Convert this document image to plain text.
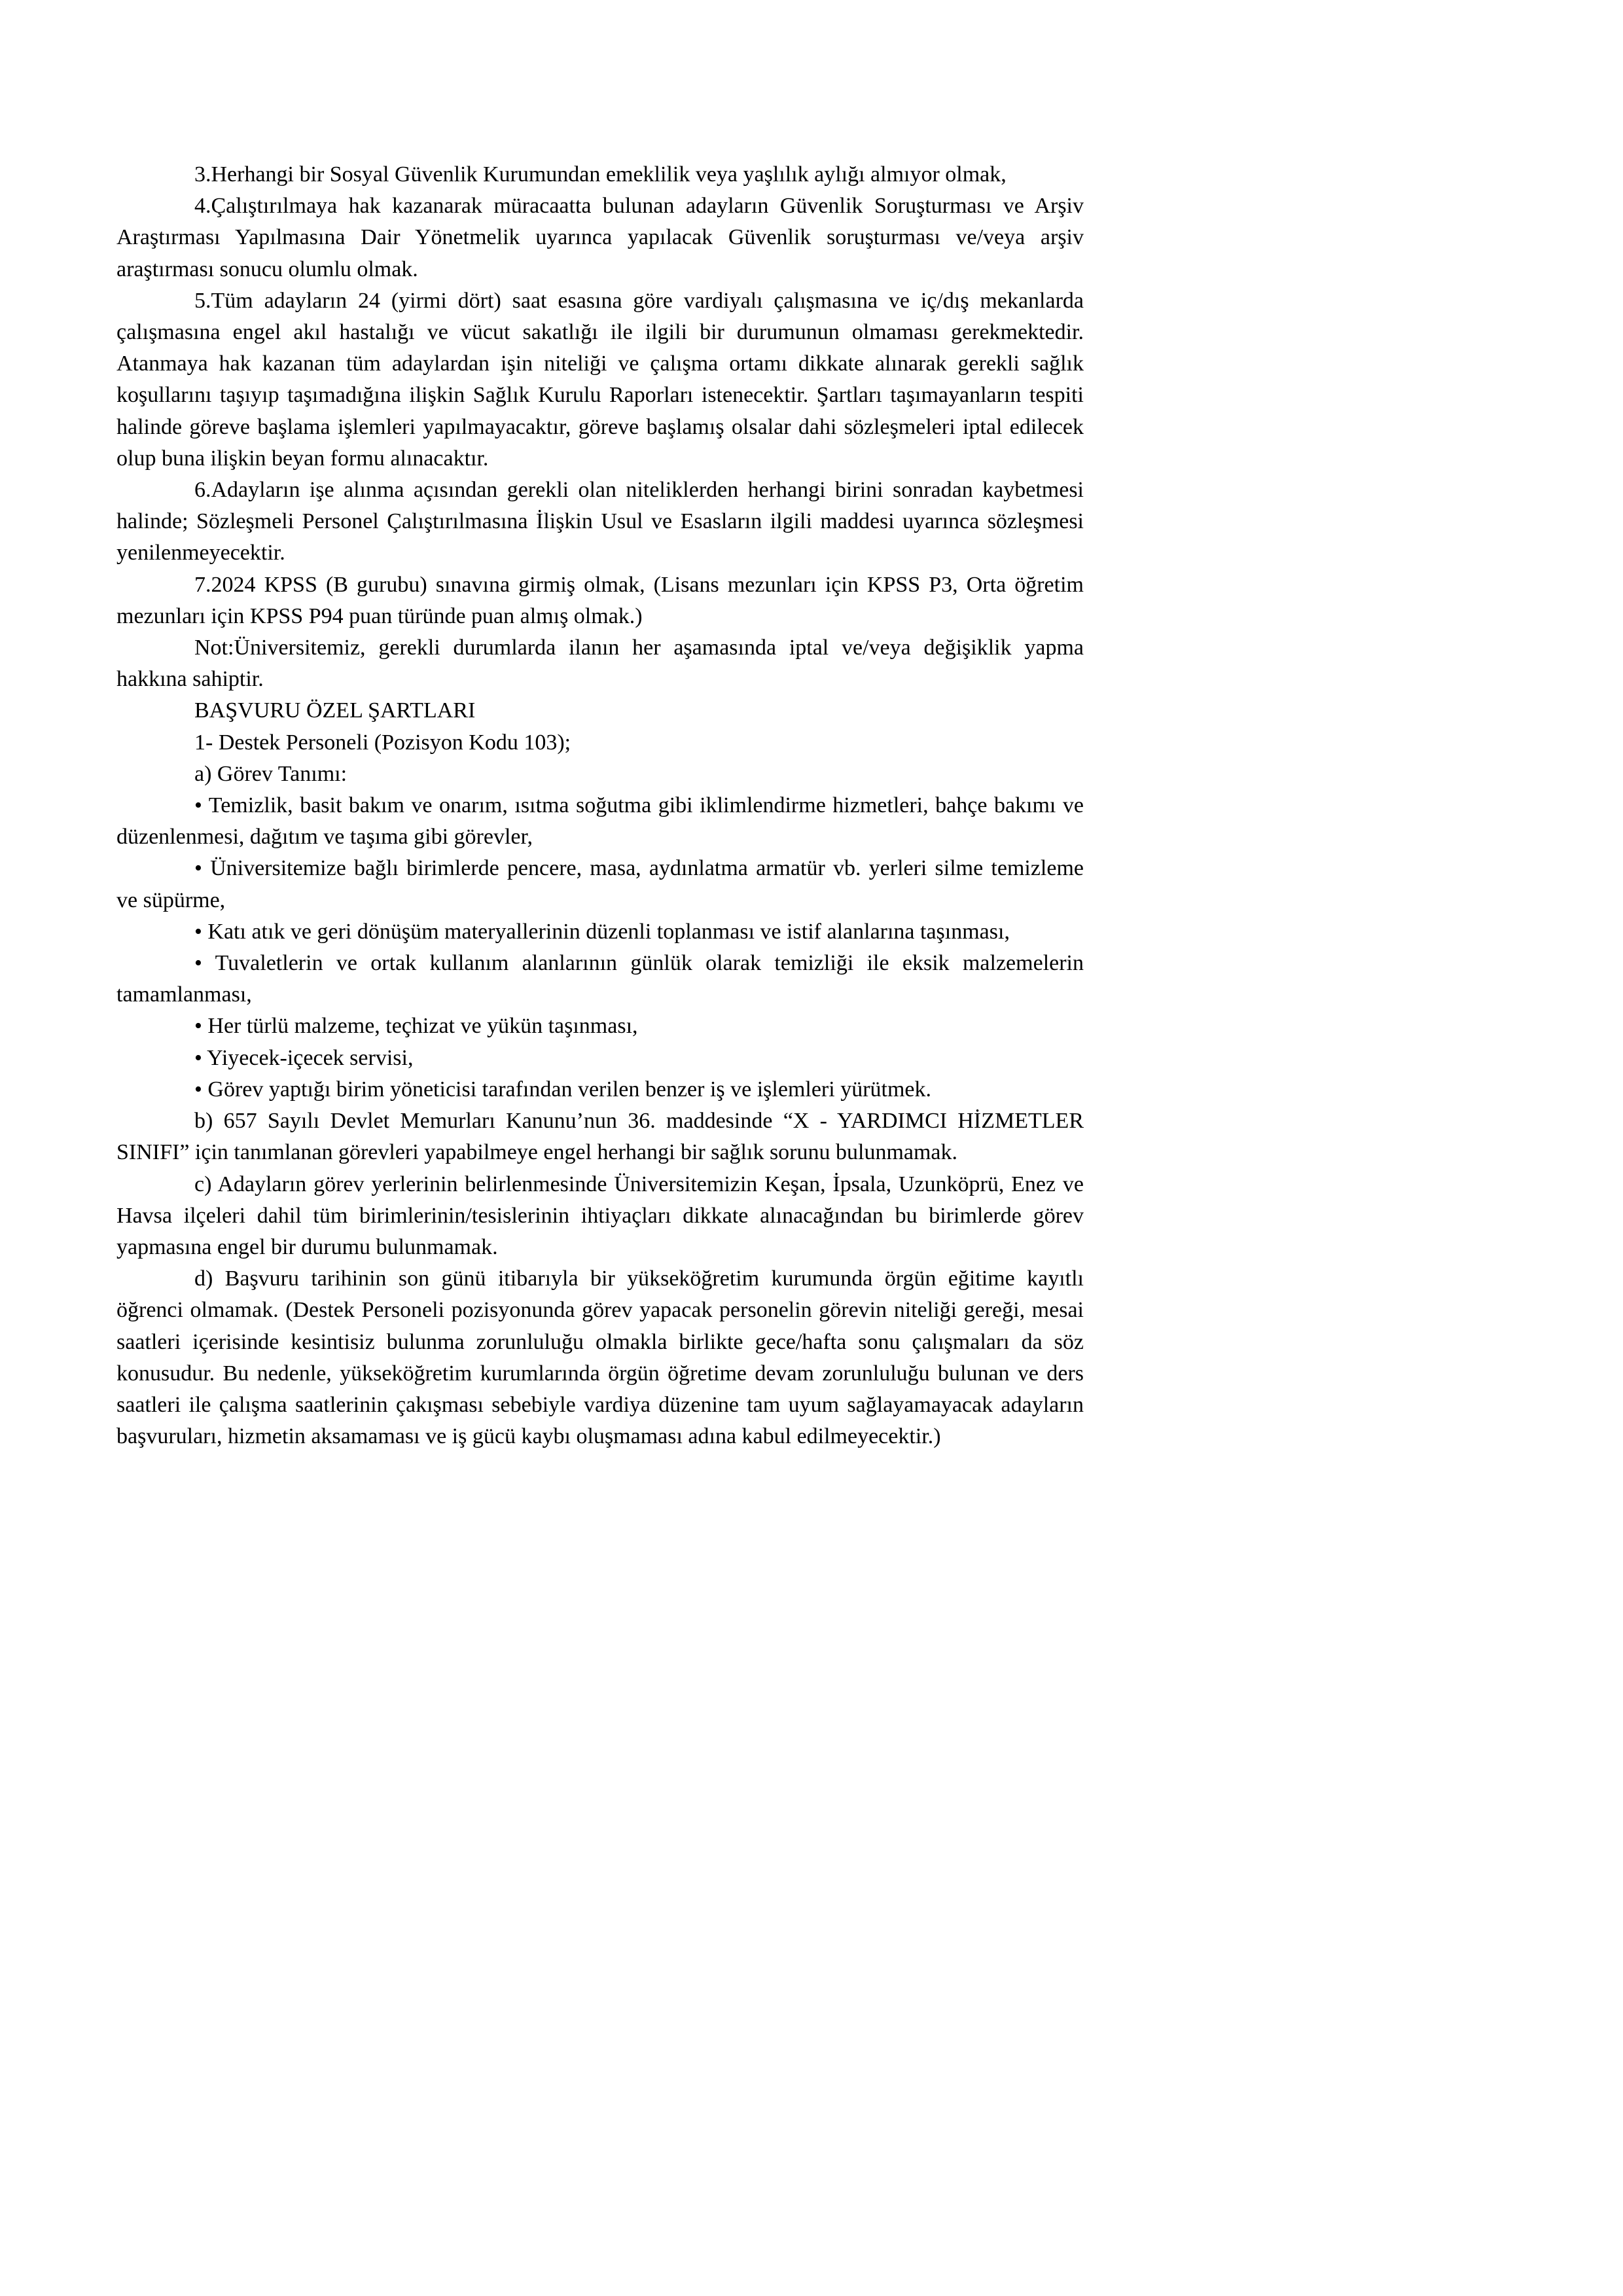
3.Herhangi bir Sosyal Güvenlik Kurumundan emeklilik veya yaşlılık aylığı almıyor olmak,

4.Çalıştırılmaya hak kazanarak müracaatta bulunan adayların Güvenlik Soruşturması ve Arşiv Araştırması Yapılmasına Dair Yönetmelik uyarınca yapılacak Güvenlik soruşturması ve/veya arşiv araştırması sonucu olumlu olmak.

5.Tüm adayların 24 (yirmi dört) saat esasına göre vardiyalı çalışmasına ve iç/dış mekanlarda çalışmasına engel akıl hastalığı ve vücut sakatlığı ile ilgili bir durumunun olmaması gerekmektedir. Atanmaya hak kazanan tüm adaylardan işin niteliği ve çalışma ortamı dikkate alınarak gerekli sağlık koşullarını taşıyıp taşımadığına ilişkin Sağlık Kurulu Raporları istenecektir. Şartları taşımayanların tespiti halinde göreve başlama işlemleri yapılmayacaktır, göreve başlamış olsalar dahi sözleşmeleri iptal edilecek olup buna ilişkin beyan formu alınacaktır.

6.Adayların işe alınma açısından gerekli olan niteliklerden herhangi birini sonradan kaybetmesi halinde; Sözleşmeli Personel Çalıştırılmasına İlişkin Usul ve Esasların ilgili maddesi uyarınca sözleşmesi yenilenmeyecektir.

7.2024 KPSS (B gurubu) sınavına girmiş olmak, (Lisans mezunları için KPSS P3, Orta öğretim mezunları için KPSS P94 puan türünde puan almış olmak.)

Not:Üniversitemiz, gerekli durumlarda ilanın her aşamasında iptal ve/veya değişiklik yapma hakkına sahiptir.

BAŞVURU ÖZEL ŞARTLARI

1- Destek Personeli (Pozisyon Kodu 103);

a) Görev Tanımı:

• Temizlik, basit bakım ve onarım, ısıtma soğutma gibi iklimlendirme hizmetleri, bahçe bakımı ve düzenlenmesi, dağıtım ve taşıma gibi görevler,

• Üniversitemize bağlı birimlerde pencere, masa, aydınlatma armatür vb. yerleri silme temizleme ve süpürme,

• Katı atık ve geri dönüşüm materyallerinin düzenli toplanması ve istif alanlarına taşınması,

• Tuvaletlerin ve ortak kullanım alanlarının günlük olarak temizliği ile eksik malzemelerin tamamlanması,

• Her türlü malzeme, teçhizat ve yükün taşınması,

• Yiyecek-içecek servisi,

• Görev yaptığı birim yöneticisi tarafından verilen benzer iş ve işlemleri yürütmek.

b) 657 Sayılı Devlet Memurları Kanunu’nun 36. maddesinde “X - YARDIMCI HİZMETLER SINIFI” için tanımlanan görevleri yapabilmeye engel herhangi bir sağlık sorunu bulunmamak.

c) Adayların görev yerlerinin belirlenmesinde Üniversitemizin Keşan, İpsala, Uzunköprü, Enez ve Havsa ilçeleri dahil tüm birimlerinin/tesislerinin ihtiyaçları dikkate alınacağından bu birimlerde görev yapmasına engel bir durumu bulunmamak.

d) Başvuru tarihinin son günü itibarıyla bir yükseköğretim kurumunda örgün eğitime kayıtlı öğrenci olmamak. (Destek Personeli pozisyonunda görev yapacak personelin görevin niteliği gereği, mesai saatleri içerisinde kesintisiz bulunma zorunluluğu olmakla birlikte gece/hafta sonu çalışmaları da söz konusudur. Bu nedenle, yükseköğretim kurumlarında örgün öğretime devam zorunluluğu bulunan ve ders saatleri ile çalışma saatlerinin çakışması sebebiyle vardiya düzenine tam uyum sağlayamayacak adayların başvuruları, hizmetin aksamaması ve iş gücü kaybı oluşmaması adına kabul edilmeyecektir.)
